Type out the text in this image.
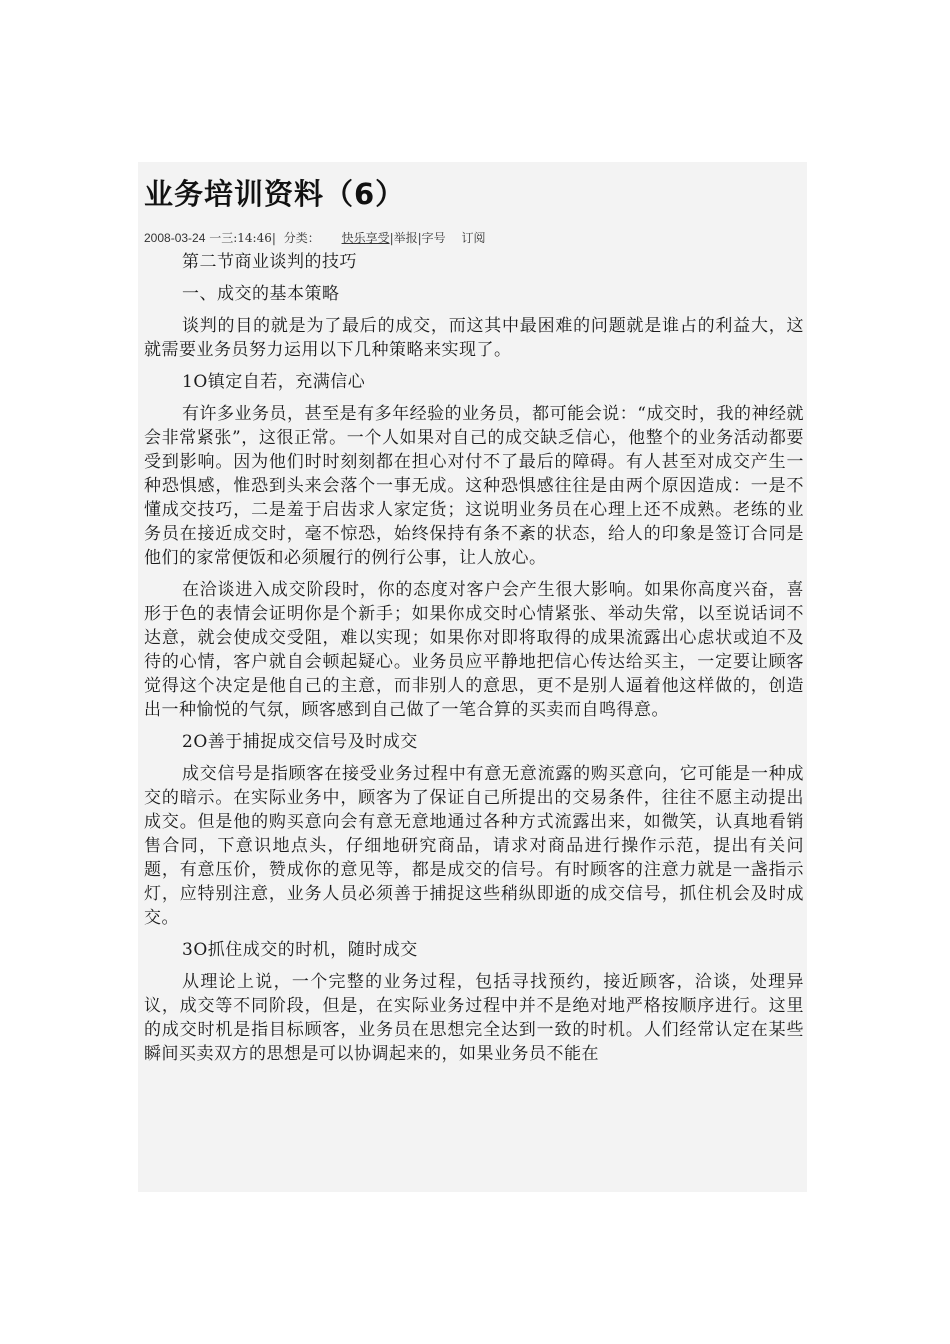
业务培训资料（6）
2008-03-24 一三:14:46| 分类： 快乐享受|举报|字号 订阅

第二节商业谈判的技巧

一、成交的基本策略

谈判的目的就是为了最后的成交，而这其中最困难的问题就是谁占的利益大，这就需要业务员努力运用以下几种策略来实现了。

1O镇定自若，充满信心

有许多业务员，甚至是有多年经验的业务员，都可能会说：“成交时，我的神经就会非常紧张”，这很正常。一个人如果对自己的成交缺乏信心，他整个的业务活动都要受到影响。因为他们时时刻刻都在担心对付不了最后的障碍。有人甚至对成交产生一种恐惧感，惟恐到头来会落个一事无成。这种恐惧感往往是由两个原因造成：一是不懂成交技巧，二是羞于启齿求人家定货；这说明业务员在心理上还不成熟。老练的业务员在接近成交时，毫不惊恐，始终保持有条不紊的状态，给人的印象是签订合同是他们的家常便饭和必须履行的例行公事，让人放心。

在洽谈进入成交阶段时，你的态度对客户会产生很大影响。如果你高度兴奋，喜形于色的表情会证明你是个新手；如果你成交时心情紧张、举动失常，以至说话词不达意，就会使成交受阻，难以实现；如果你对即将取得的成果流露出心虑状或迫不及待的心情，客户就自会顿起疑心。业务员应平静地把信心传达给买主，一定要让顾客觉得这个决定是他自己的主意，而非别人的意思，更不是别人逼着他这样做的，创造出一种愉悦的气氛，顾客感到自己做了一笔合算的买卖而自鸣得意。

2O善于捕捉成交信号及时成交

成交信号是指顾客在接受业务过程中有意无意流露的购买意向，它可能是一种成交的暗示。在实际业务中，顾客为了保证自己所提出的交易条件，往往不愿主动提出成交。但是他的购买意向会有意无意地通过各种方式流露出来，如微笑，认真地看销售合同，下意识地点头，仔细地研究商品，请求对商品进行操作示范，提出有关问题，有意压价，赞成你的意见等，都是成交的信号。有时顾客的注意力就是一盏指示灯，应特别注意，业务人员必须善于捕捉这些稍纵即逝的成交信号，抓住机会及时成交。

3O抓住成交的时机，随时成交

从理论上说，一个完整的业务过程，包括寻找预约，接近顾客，洽谈，处理异议，成交等不同阶段，但是，在实际业务过程中并不是绝对地严格按顺序进行。这里的成交时机是指目标顾客，业务员在思想完全达到一致的时机。人们经常认定在某些瞬间买卖双方的思想是可以协调起来的，如果业务员不能在
